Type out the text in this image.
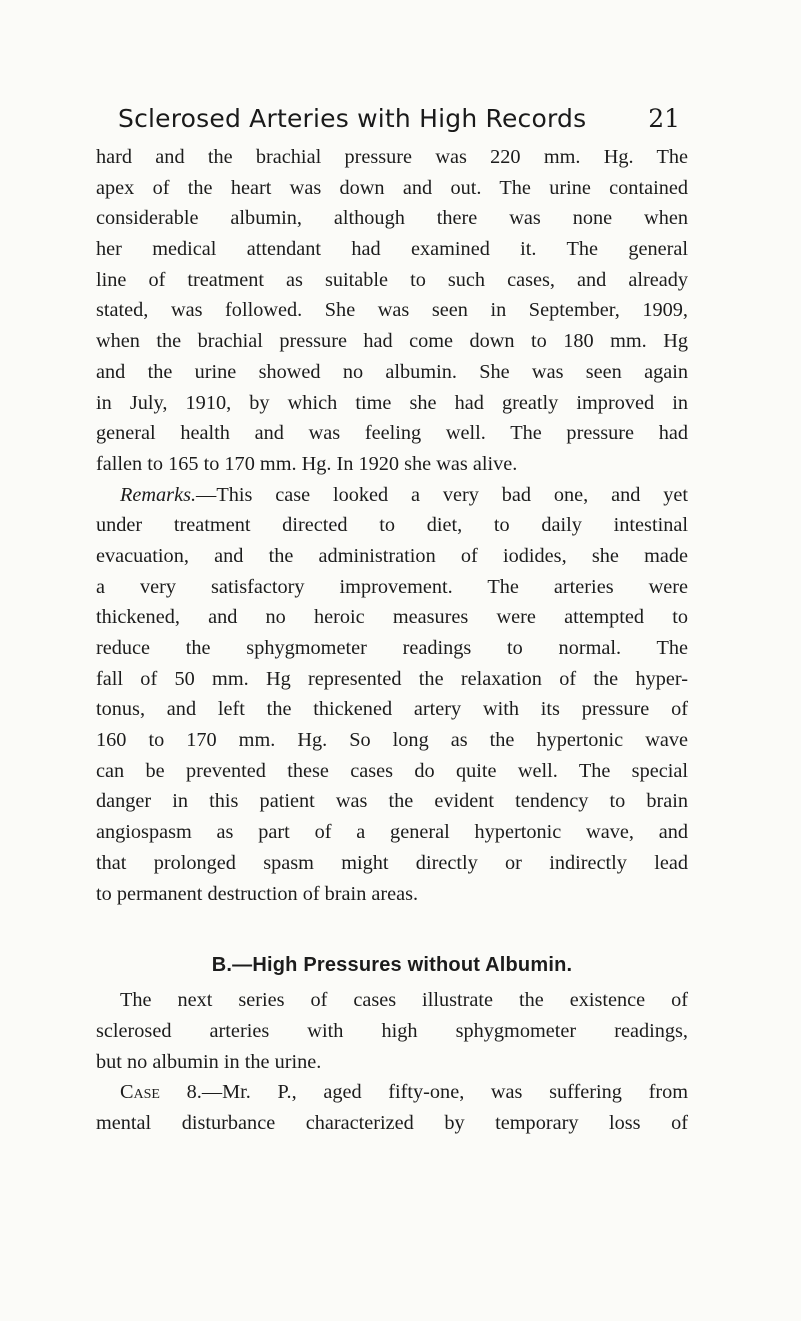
Sclerosed Arteries with High Records 21
hard and the brachial pressure was 220 mm. Hg. The
apex of the heart was down and out. The urine contained
considerable albumin, although there was none when
her medical attendant had examined it. The general
line of treatment as suitable to such cases, and already
stated, was followed. She was seen in September, 1909,
when the brachial pressure had come down to 180 mm. Hg
and the urine showed no albumin. She was seen again
in July, 1910, by which time she had greatly improved in
general health and was feeling well. The pressure had
fallen to 165 to 170 mm. Hg. In 1920 she was alive.
Remarks.—This case looked a very bad one, and yet
under treatment directed to diet, to daily intestinal
evacuation, and the administration of iodides, she made
a very satisfactory improvement. The arteries were
thickened, and no heroic measures were attempted to
reduce the sphygmometer readings to normal. The
fall of 50 mm. Hg represented the relaxation of the hyper-
tonus, and left the thickened artery with its pressure of
160 to 170 mm. Hg. So long as the hypertonic wave
can be prevented these cases do quite well. The special
danger in this patient was the evident tendency to brain
angiospasm as part of a general hypertonic wave, and
that prolonged spasm might directly or indirectly lead
to permanent destruction of brain areas.
B.—High Pressures without Albumin.
The next series of cases illustrate the existence of
sclerosed arteries with high sphygmometer readings,
but no albumin in the urine.
Case 8.—Mr. P., aged fifty-one, was suffering from
mental disturbance characterized by temporary loss of
